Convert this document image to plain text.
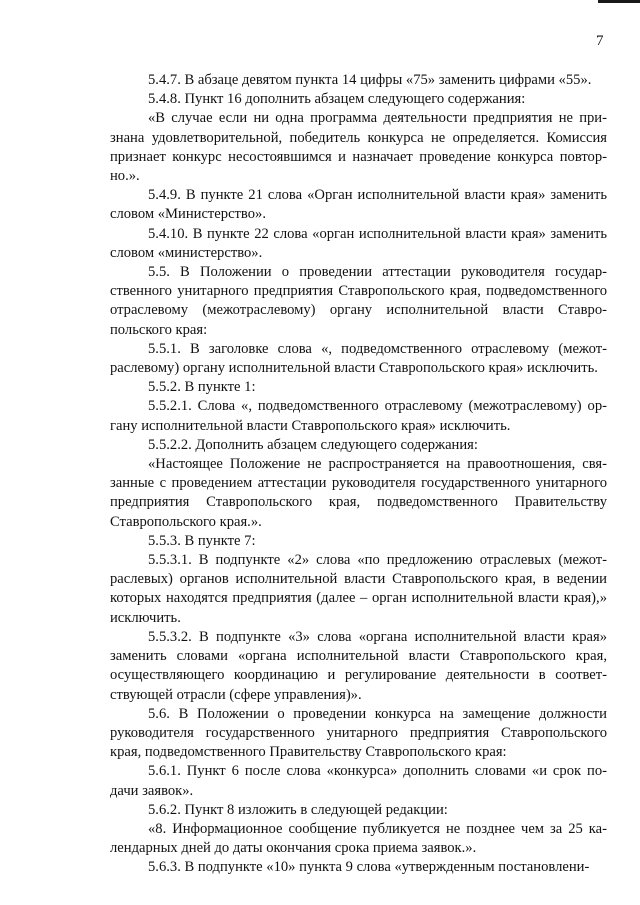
7

5.4.7. В абзаце девятом пункта 14 цифры «75» заменить цифрами «55».

5.4.8. Пункт 16 дополнить абзацем следующего содержания:

«В случае если ни одна программа деятельности предприятия не признана удовлетворительной, победитель конкурса не определяется. Комиссия признает конкурс несостоявшимся и назначает проведение конкурса повторно.».

5.4.9. В пункте 21 слова «Орган исполнительной власти края» заменить словом «Министерство».

5.4.10. В пункте 22 слова «орган исполнительной власти края» заменить словом «министерство».

5.5. В Положении о проведении аттестации руководителя государственного унитарного предприятия Ставропольского края, подведомственного отраслевому (межотраслевому) органу исполнительной власти Ставропольского края:

5.5.1. В заголовке слова «, подведомственного отраслевому (межотраслевому) органу исполнительной власти Ставропольского края» исключить.

5.5.2. В пункте 1:

5.5.2.1. Слова «, подведомственного отраслевому (межотраслевому) органу исполнительной власти Ставропольского края» исключить.

5.5.2.2. Дополнить абзацем следующего содержания:

«Настоящее Положение не распространяется на правоотношения, связанные с проведением аттестации руководителя государственного унитарного предприятия Ставропольского края, подведомственного Правительству Ставропольского края.».

5.5.3. В пункте 7:

5.5.3.1. В подпункте «2» слова «по предложению отраслевых (межотраслевых) органов исполнительной власти Ставропольского края, в ведении которых находятся предприятия (далее – орган исполнительной власти края),» исключить.

5.5.3.2. В подпункте «3» слова «органа исполнительной власти края» заменить словами «органа исполнительной власти Ставропольского края, осуществляющего координацию и регулирование деятельности в соответствующей отрасли (сфере управления)».

5.6. В Положении о проведении конкурса на замещение должности руководителя государственного унитарного предприятия Ставропольского края, подведомственного Правительству Ставропольского края:

5.6.1. Пункт 6 после слова «конкурса» дополнить словами «и срок подачи заявок».

5.6.2. Пункт 8 изложить в следующей редакции:

«8. Информационное сообщение публикуется не позднее чем за 25 календарных дней до даты окончания срока приема заявок.».

5.6.3. В подпункте «10» пункта 9 слова «утвержденным постановлени-
